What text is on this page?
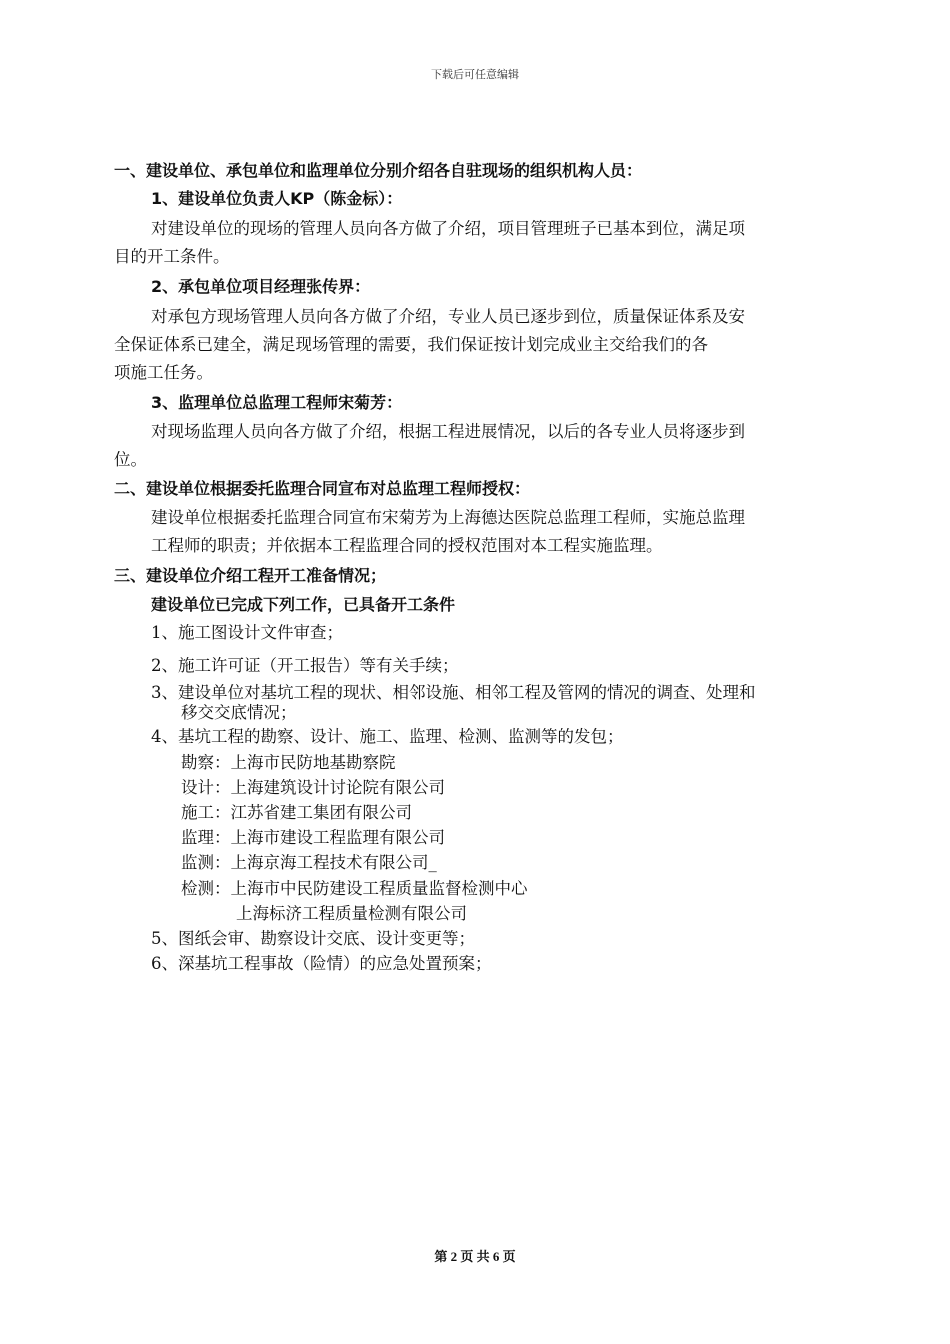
下载后可任意编辑
一、建设单位、承包单位和监理单位分别介绍各自驻现场的组织机构人员：
1、建设单位负责人KP（陈金标）：
对建设单位的现场的管理人员向各方做了介绍，项目管理班子已基本到位，满足项
目的开工条件。
2、承包单位项目经理张传界：
对承包方现场管理人员向各方做了介绍，专业人员已逐步到位，质量保证体系及安
全保证体系已建全，满足现场管理的需要，我们保证按计划完成业主交给我们的各
项施工任务。
3、监理单位总监理工程师宋菊芳：
对现场监理人员向各方做了介绍，根据工程进展情况，以后的各专业人员将逐步到
位。
二、建设单位根据委托监理合同宣布对总监理工程师授权：
建设单位根据委托监理合同宣布宋菊芳为上海德达医院总监理工程师，实施总监理
工程师的职责；并依据本工程监理合同的授权范围对本工程实施监理。
三、建设单位介绍工程开工准备情况；
建设单位已完成下列工作，已具备开工条件
1、施工图设计文件审查；
2、施工许可证（开工报告）等有关手续；
3、建设单位对基坑工程的现状、相邻设施、相邻工程及管网的情况的调查、处理和
移交交底情况；
4、基坑工程的勘察、设计、施工、监理、检测、监测等的发包；
勘察：上海市民防地基勘察院
设计：上海建筑设计讨论院有限公司
施工：江苏省建工集团有限公司
监理：上海市建设工程监理有限公司
监测：上海京海工程技术有限公司_
检测：上海市中民防建设工程质量监督检测中心
上海标济工程质量检测有限公司
5、图纸会审、勘察设计交底、设计变更等；
6、深基坑工程事故（险情）的应急处置预案；
第 2 页 共 6 页
